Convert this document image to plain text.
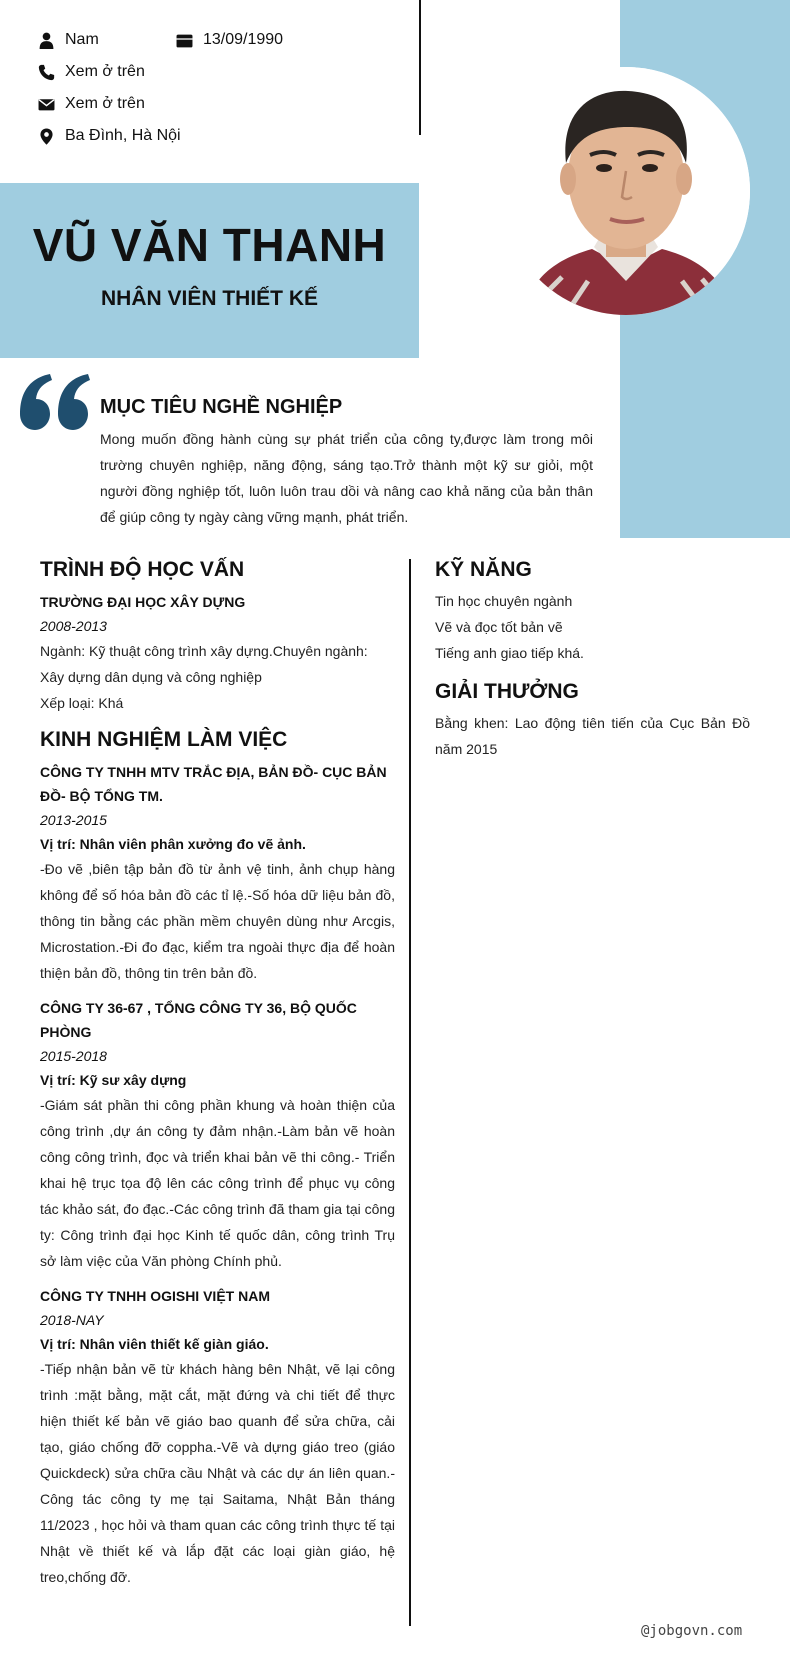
Nam	13/09/1990
Xem ở trên
Xem ở trên
Ba Đình, Hà Nội
VŨ VĂN THANH
NHÂN VIÊN THIẾT KẾ
MỤC TIÊU NGHỀ NGHIỆP
Mong muốn đồng hành cùng sự phát triển của công ty,được làm trong môi trường chuyên nghiệp, năng động, sáng tạo.Trở thành một kỹ sư giỏi, một người đồng nghiệp tốt, luôn luôn trau dồi và nâng cao khả năng của bản thân để giúp công ty ngày càng vững mạnh, phát triển.
TRÌNH ĐỘ HỌC VẤN
TRƯỜNG ĐẠI HỌC XÂY DỰNG
2008-2013
Ngành: Kỹ thuật công trình xây dựng.Chuyên ngành: Xây dựng dân dụng và công nghiệp
Xếp loại: Khá
KINH NGHIỆM LÀM VIỆC
CÔNG TY TNHH MTV TRẮC ĐỊA, BẢN ĐỒ- CỤC BẢN ĐỒ- BỘ TỔNG TM.
2013-2015
Vị trí: Nhân viên phân xưởng đo vẽ ảnh.
-Đo vẽ ,biên tập bản đồ từ ảnh vệ tinh, ảnh chụp hàng không để số hóa bản đồ các tỉ lệ.-Số hóa dữ liệu bản đồ, thông tin bằng các phần mềm chuyên dùng như Arcgis, Microstation.-Đi đo đạc, kiểm tra ngoài thực địa để hoàn thiện bản đồ, thông tin trên bản đồ.
CÔNG TY 36-67 , TỔNG CÔNG TY 36, BỘ QUỐC PHÒNG
2015-2018
Vị trí: Kỹ sư xây dựng
-Giám sát phần thi công phần khung và hoàn thiện của công trình ,dự án công ty đảm nhận.-Làm bản vẽ hoàn công công trình, đọc và triển khai bản vẽ thi công.- Triển khai hệ trục tọa độ lên các công trình để phục vụ công tác khảo sát, đo đạc.-Các công trình đã tham gia tại công ty: Công trình đại học Kinh tế quốc dân, công trình Trụ sở làm việc của Văn phòng Chính phủ.
CÔNG TY TNHH OGISHI VIỆT NAM
2018-NAY
Vị trí: Nhân viên thiết kế giàn giáo.
-Tiếp nhận bản vẽ từ khách hàng bên Nhật, vẽ lại công trình :mặt bằng, mặt cắt, mặt đứng và chi tiết để thực hiện thiết kế bản vẽ giáo bao quanh để sửa chữa, cải tạo, giáo chống đỡ copphа.-Vẽ và dựng giáo treo (giáo Quickdeck) sửa chữa cầu Nhật và các dự án liên quan.-Công tác công ty mẹ tại Saitama, Nhật Bản tháng 11/2023 , học hỏi và tham quan các công trình thực tế tại Nhật về thiết kế và lắp đặt các loại giàn giáo, hệ treo,chống đỡ.
KỸ NĂNG
Tin học chuyên ngành
Vẽ và đọc tốt bản vẽ
Tiếng anh giao tiếp khá.
GIẢI THƯỞNG
Bằng khen: Lao động tiên tiến của Cục Bản Đồ năm 2015
@jobgovn.com
